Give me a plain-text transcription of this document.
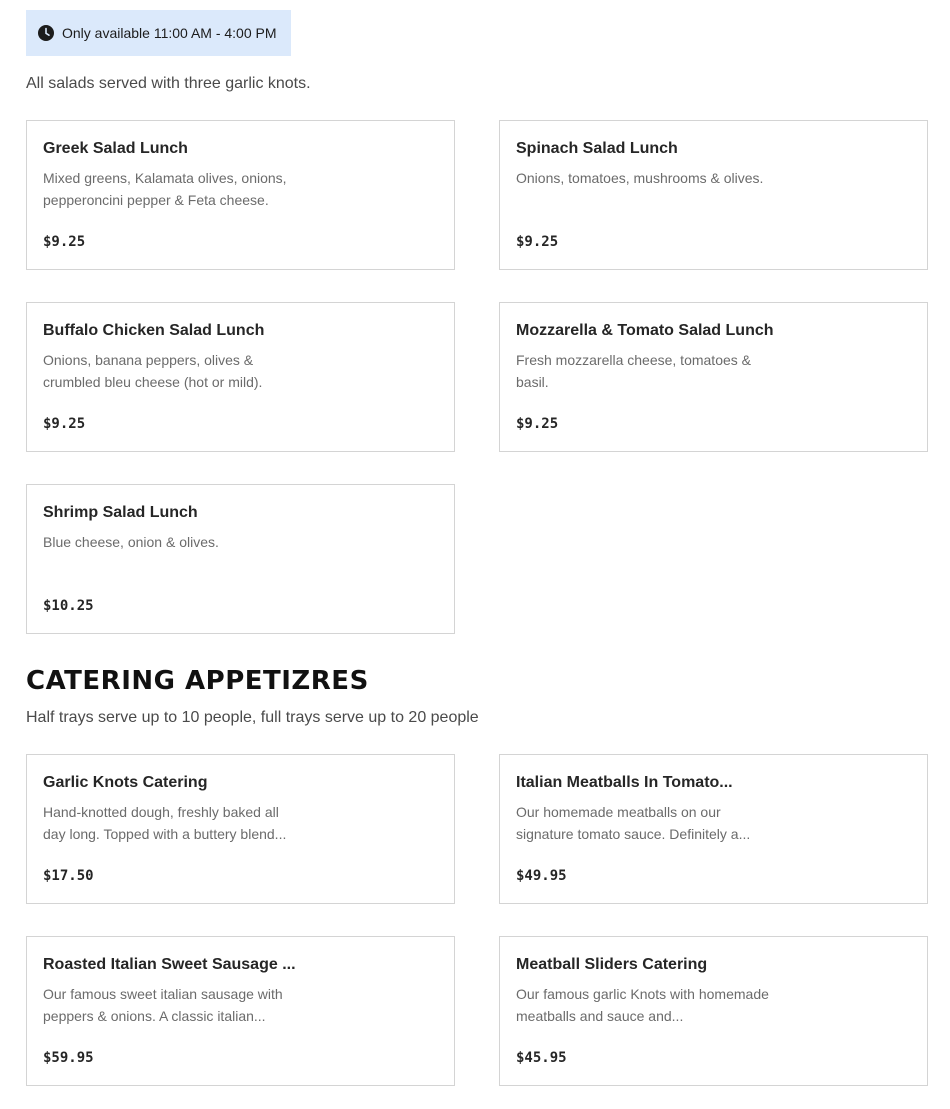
Only available 11:00 AM - 4:00 PM
All salads served with three garlic knots.
Greek Salad Lunch
Mixed greens, Kalamata olives, onions, pepperoncini pepper & Feta cheese.
$9.25
Spinach Salad Lunch
Onions, tomatoes, mushrooms & olives.
$9.25
Buffalo Chicken Salad Lunch
Onions, banana peppers, olives & crumbled bleu cheese (hot or mild).
$9.25
Mozzarella & Tomato Salad Lunch
Fresh mozzarella cheese, tomatoes & basil.
$9.25
Shrimp Salad Lunch
Blue cheese, onion & olives.
$10.25
CATERING APPETIZRES
Half trays serve up to 10 people, full trays serve up to 20 people
Garlic Knots Catering
Hand-knotted dough, freshly baked all day long. Topped with a buttery blend...
$17.50
Italian Meatballs In Tomato...
Our homemade meatballs on our signature tomato sauce. Definitely a...
$49.95
Roasted Italian Sweet Sausage ...
Our famous sweet italian sausage with peppers & onions. A classic italian...
$59.95
Meatball Sliders Catering
Our famous garlic Knots with homemade meatballs and sauce and...
$45.95
